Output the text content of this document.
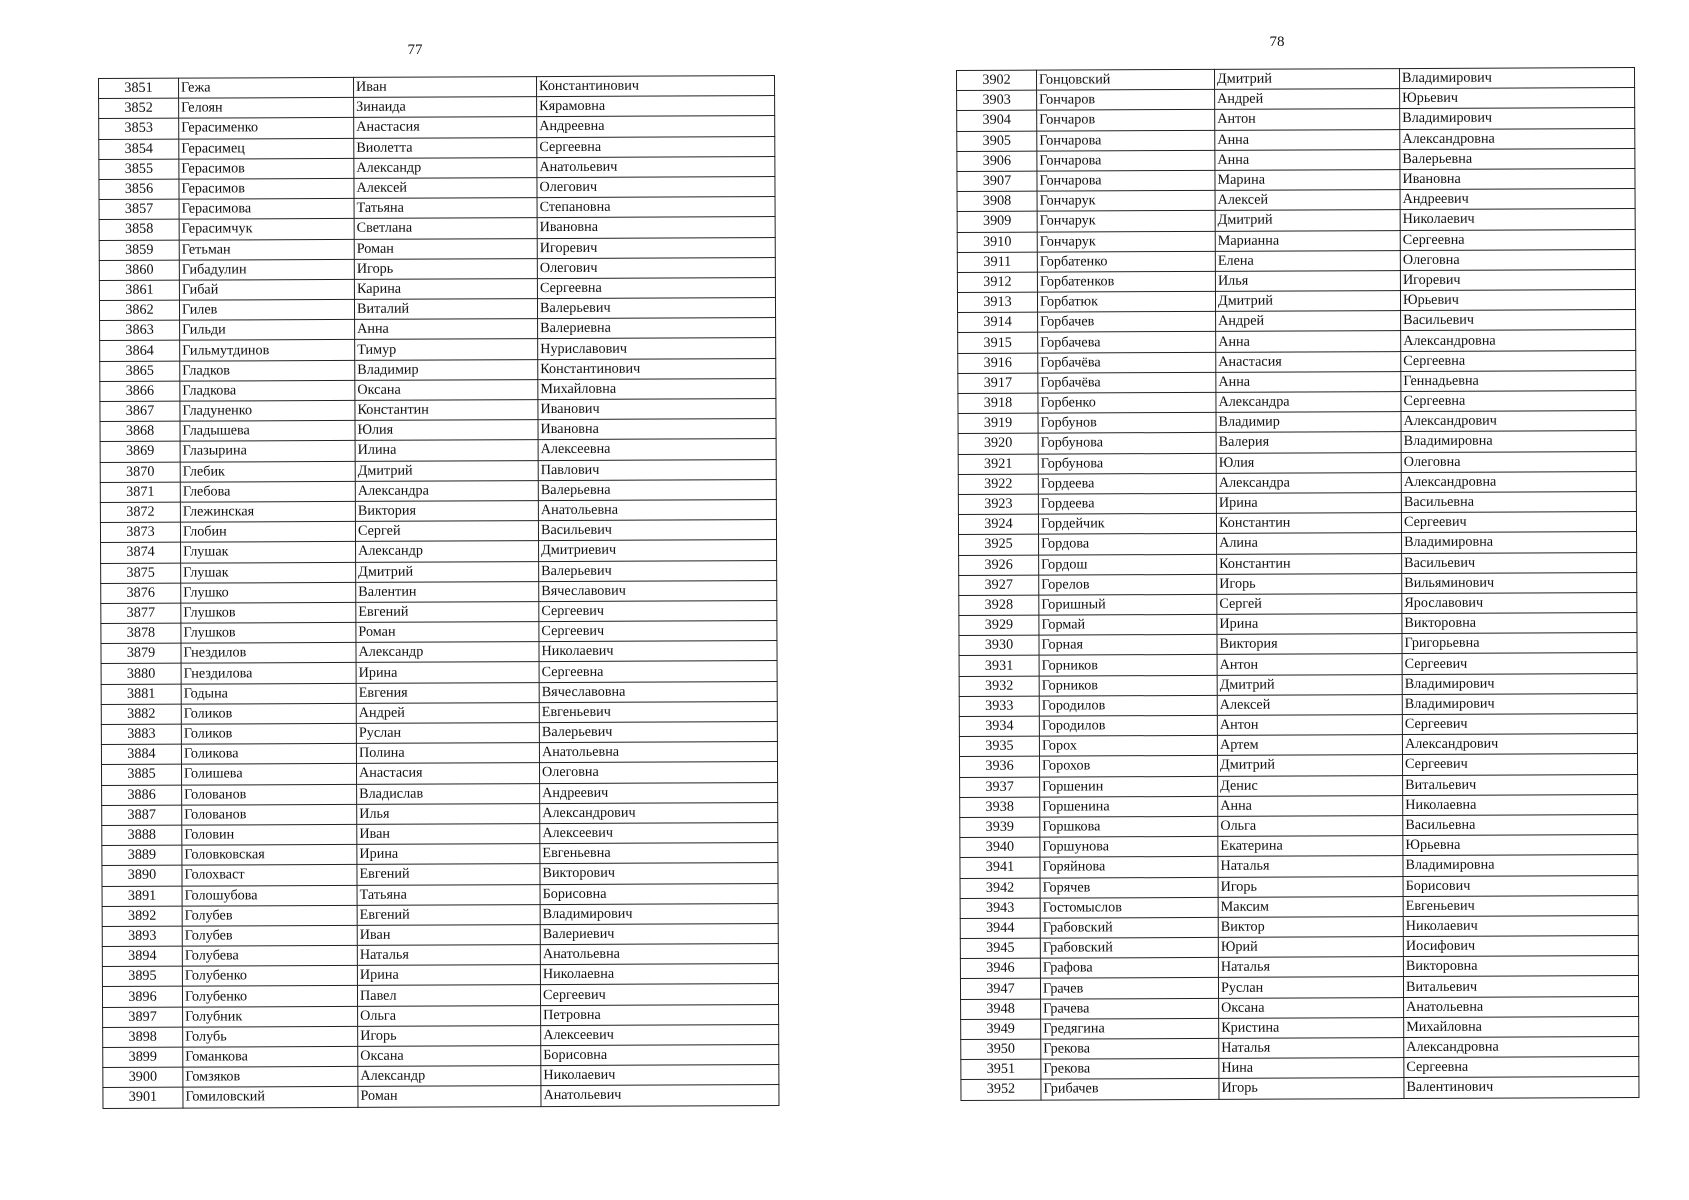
77	78
3851	Гежа	Иван	Константинович
3852	Гелоян	Зинаида	Кярамовна
3853	Герасименко	Анастасия	Андреевна
3854	Герасимец	Виолетта	Сергеевна
3855	Герасимов	Александр	Анатольевич
3856	Герасимов	Алексей	Олегович
3857	Герасимова	Татьяна	Степановна
3858	Герасимчук	Светлана	Ивановна
3859	Гетьман	Роман	Игоревич
3860	Гибадулин	Игорь	Олегович
3861	Гибай	Карина	Сергеевна
3862	Гилев	Виталий	Валерьевич
3863	Гильди	Анна	Валериевна
3864	Гильмутдинов	Тимур	Нурисл﻿авович
3865	Гладков	Владимир	Константинович
3866	Гладкова	Оксана	Михайловна
3867	Гладуненко	Константин	Иванович
3868	Гладышева	Юлия	Ивановна
3869	Глазырина	Илина	Алексеевна
3870	Глебик	Дмитрий	Павлович
3871	Глебова	Александра	Валерьевна
3872	Глежинская	Виктория	Анатольевна
3873	Глобин	Сергей	Васильевич
3874	Глушак	Александр	Дмитриевич
3875	Глушак	Дмитрий	Валерьевич
3876	Глушко	Валентин	Вячеславович
3877	Глушков	Евгений	Сергеевич
3878	Глушков	Роман	Сергеевич
3879	Гнездилов	Александр	Николаевич
3880	Гнездилова	Ирина	Сергеевна
3881	Годына	Евгения	Вячеславовна
3882	Голиков	Андрей	Евгеньевич
3883	Голиков	Руслан	Валерьевич
3884	Голикова	Полина	Анатольевна
3885	Голишева	Анастасия	Олеговна
3886	Голованов	Владислав	Андреевич
3887	Голованов	Илья	Александрович
3888	Головин	Иван	Алексеевич
3889	Головковская	Ирина	Евгеньевна
3890	Голохваст	Евгений	Викторович
3891	Голошубова	Татьяна	Борисовна
3892	Голубев	Евгений	Владимирович
3893	Голубев	Иван	Валериевич
3894	Голубева	Наталья	Анатольевна
3895	Голубенко	Ирина	Николаевна
3896	Голубенко	Павел	Сергеевич
3897	Голубник	Ольга	Петровна
3898	Голубь	Игорь	Алексеевич
3899	Гоманкова	Оксана	Борисовна
3900	Гомзяков	Александр	Николаевич
3901	Гомиловский	Роман	Анатольевич
3902	Гонцовский	Дмитрий	Владимирович
3903	Гончаров	Андрей	Юрьевич
3904	Гончаров	Антон	Владимирович
3905	Гончарова	Анна	Александровна
3906	Гончарова	Анна	Валерьевна
3907	Гончарова	Марина	Ивановна
3908	Гончарук	Алексей	Андреевич
3909	Гончарук	Дмитрий	Николаевич
3910	Гончарук	Марианна	Сергеевна
3911	Горбатенко	Елена	Олеговна
3912	Горбатенков	Илья	Игоревич
3913	Горбатюк	Дмитрий	Юрьевич
3914	Горбачев	Андрей	Васильевич
3915	Горбачева	Анна	Александровна
3916	Горбачёва	Анастасия	Сергеевна
3917	Горбачёва	Анна	Геннадьевна
3918	Горбенко	Александра	Сергеевна
3919	Горбунов	Владимир	Александрович
3920	Горбунова	Валерия	Владимировна
3921	Горбунова	Юлия	Олеговна
3922	Гордеева	Александра	Александровна
3923	Гордеева	Ирина	Васильевна
3924	Гордейчик	Константин	Сергеевич
3925	Гордова	Алина	Владимировна
3926	Гордош	Константин	Васильевич
3927	Горелов	Игорь	Вильяминович
3928	Горишный	Сергей	Ярославович
3929	Гормай	Ирина	Викторовна
3930	Горная	Виктория	Григорьевна
3931	Горников	Антон	Сергеевич
3932	Горников	Дмитрий	Владимирович
3933	Городилов	Алексей	Владимирович
3934	Городилов	Антон	Сергеевич
3935	Горох	Артем	Александрович
3936	Горохов	Дмитрий	Сергеевич
3937	Горшенин	Денис	Витальевич
3938	Горшенина	Анна	Николаевна
3939	Горшкова	Ольга	Васильевна
3940	Горшунова	Екатерина	Юрьевна
3941	Горяйнова	Наталья	Владимировна
3942	Горячев	Игорь	Борисович
3943	Гостомыслов	Максим	Евгеньевич
3944	Грабовский	Виктор	Николаевич
3945	Грабовский	Юрий	Иосифович
3946	Графова	Наталья	Викторовна
3947	Грачев	Руслан	Витальевич
3948	Грачева	Оксана	Анатольевна
3949	Гредягина	Кристина	Михайловна
3950	Грекова	Наталья	Александровна
3951	Грекова	Нина	Сергеевна
3952	Грибачев	Игорь	Валентинович
